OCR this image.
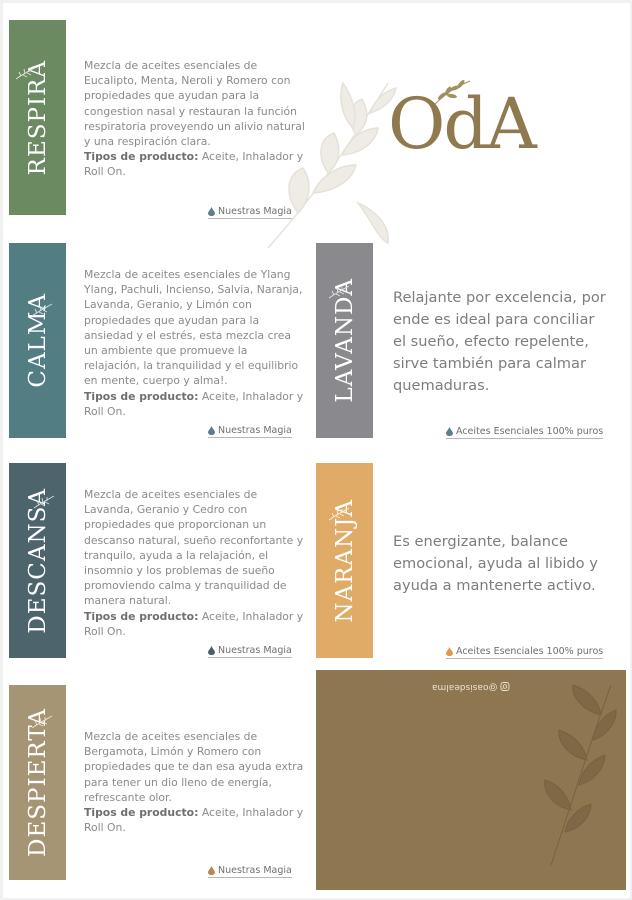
OdA
RESPIRA	Mezcla de aceites esenciales de Eucalipto, Menta, Neroli y Romero con propiedades que ayudan para la congestion nasal y restauran la función respiratoria proveyendo un alivio natural y una respiración clara.
Tipos de producto: Aceite, Inhalador y Roll On.
Nuestras Magia
CALMA
Mezcla de aceites esenciales de Ylang Ylang, Pachuli, Incienso, Salvia, Naranja, Lavanda, Geranio, y Limón con propiedades que ayudan para la ansiedad y el estrés, esta mezcla crea un ambiente que promueve la relajación, la tranquilidad y el equilibrio en mente, cuerpo y alma!.
Tipos de producto: Aceite, Inhalador y Roll On.
Nuestras Magia
DESCANSA	Mezcla de aceites esenciales de Lavanda, Geranio y Cedro con propiedades que proporcionan un descanso natural, sueño reconfortante y tranquilo, ayuda a la relajación, el insomnio y los problemas de sueño promoviendo calma y tranquilidad de manera natural.
Tipos de producto: Aceite, Inhalador y Roll On.
Nuestras Magia
DESPIERTA	Mezcla de aceites esenciales de Bergamota, Limón y Romero con propiedades que te dan esa ayuda extra para tener un dio lleno de energía, refrescante olor.
Tipos de producto: Aceite, Inhalador y Roll On.
Nuestras Magia
LAVANDA Relajante por excelencia, por ende es ideal para conciliar el sueño, efecto repelente, sirve también para calmar quemaduras.
Aceites Esenciales 100% puros
NARANJA Es energizante, balance emocional, ayuda al libido y ayuda a mantenerte activo.
Aceites Esenciales 100% puros
@oasisdealma
